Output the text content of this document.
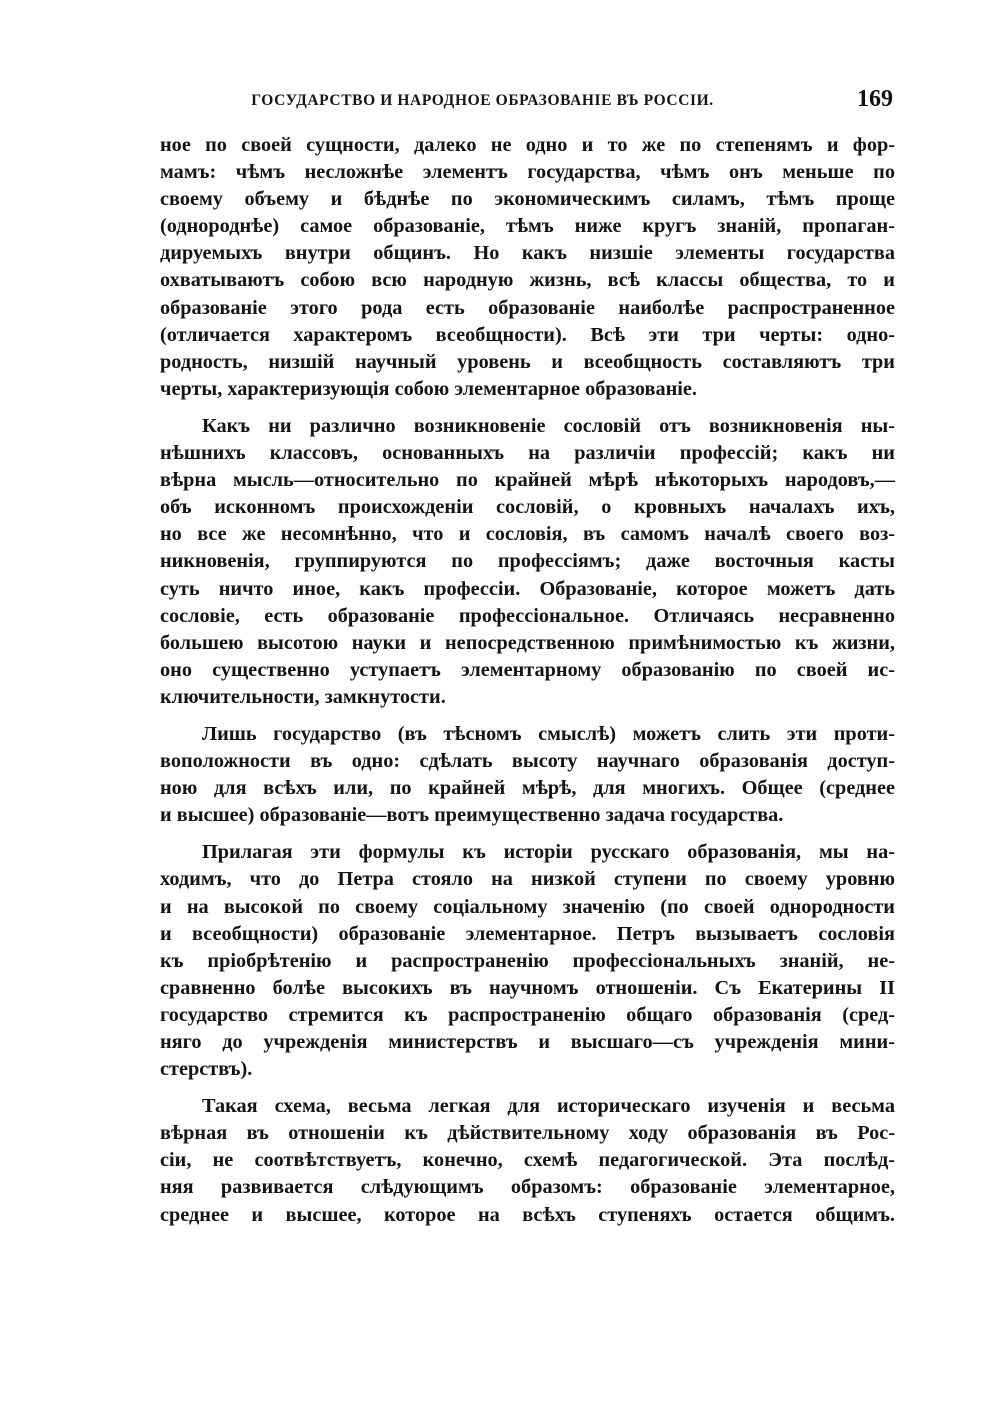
ГОСУДАРСТВО И НАРОДНОЕ ОБРАЗОВАНІЕ ВЪ РОССІИ.	169
ное по своей сущности, далеко не одно и то же по степенямъ и фор-
мамъ: чѣмъ несложнѣе элементъ государства, чѣмъ онъ меньше по
своему объему и бѣднѣе по экономическимъ силамъ, тѣмъ проще
(однороднѣе) самое образованіе, тѣмъ ниже кругъ знаній, пропаган-
дируемыхъ внутри общинъ. Но какъ низшіе элементы государства
охватываютъ собою всю народную жизнь, всѣ классы общества, то и
образованіе этого рода есть образованіе наиболѣе распространенное
(отличается характеромъ всеобщности). Всѣ эти три черты: одно-
родность, низшій научный уровень и всеобщность составляютъ три
черты, характеризующія собою элементарное образованіе.
Какъ ни различно возникновеніе сословій отъ возникновенія ны-
нѣшнихъ классовъ, основанныхъ на различіи профессій; какъ ни
вѣрна мысль—относительно по крайней мѣрѣ нѣкоторыхъ народовъ,—
объ исконномъ происхожденіи сословій, о кровныхъ началахъ ихъ,
но все же несомнѣнно, что и сословія, въ самомъ началѣ своего воз-
никновенія, группируются по профессіямъ; даже восточныя касты
суть ничто иное, какъ профессіи. Образованіе, которое можетъ дать
сословіе, есть образованіе профессіональное. Отличаясь несравненно
большею высотою науки и непосредственною примѣнимостью къ жизни,
оно существенно уступаетъ элементарному образованію по своей ис-
ключительности, замкнутости.
Лишь государство (въ тѣсномъ смыслѣ) можетъ слить эти проти-
воположности въ одно: сдѣлать высоту научнаго образованія доступ-
ною для всѣхъ или, по крайней мѣрѣ, для многихъ. Общее (среднее
и высшее) образованіе—вотъ преимущественно задача государства.
Прилагая эти формулы къ исторіи русскаго образованія, мы на-
ходимъ, что до Петра стояло на низкой ступени по своему уровню
и на высокой по своему соціальному значенію (по своей однородности
и всеобщности) образованіе элементарное. Петръ вызываетъ сословія
къ пріобрѣтенію и распространенію профессіональныхъ знаній, не-
сравненно болѣе высокихъ въ научномъ отношеніи. Съ Екатерины II
государство стремится къ распространенію общаго образованія (сред-
няго до учрежденія министерствъ и высшаго—съ учрежденія мини-
стерствъ).
Такая схема, весьма легкая для историческаго изученія и весьма
вѣрная въ отношеніи къ дѣйствительному ходу образованія въ Рос-
сіи, не соотвѣтствуетъ, конечно, схемѣ педагогической. Эта послѣд-
няя развивается слѣдующимъ образомъ: образованіе элементарное,
среднее и высшее, которое на всѣхъ ступеняхъ остается общимъ.
